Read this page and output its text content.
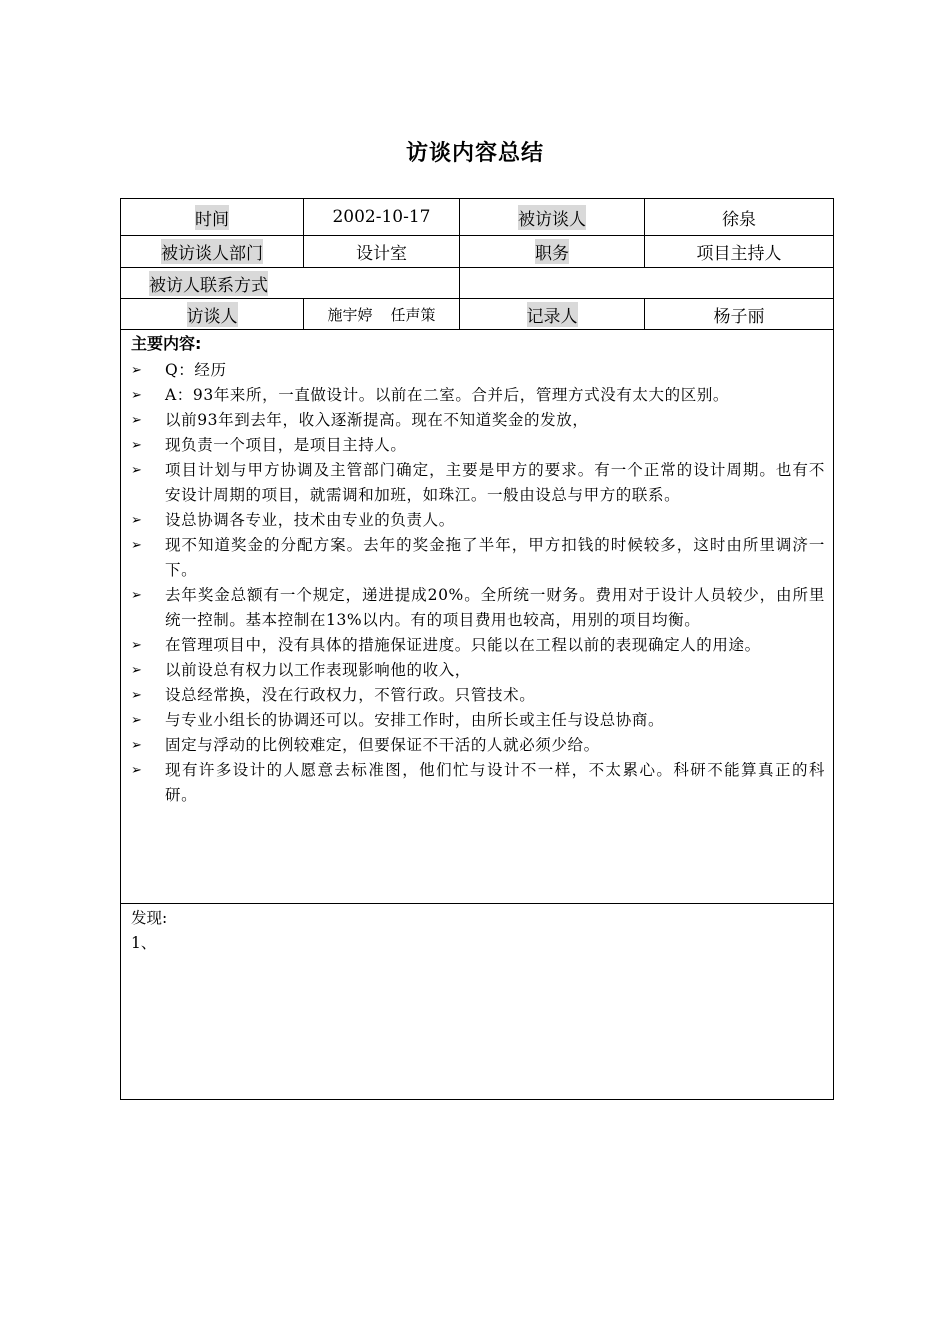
访谈内容总结
时间	2002-10-17	被访谈人	徐泉
被访谈人部门	设计室	职务	项目主持人
被访人联系方式
访谈人	施宇婷 任声策	记录人	杨子丽
主要内容:
➢	Q：经历
➢	A：93年来所，一直做设计。以前在二室。合并后，管理方式没有太大的区别。
➢	以前93年到去年，收入逐渐提高。现在不知道奖金的发放，
➢	现负责一个项目，是项目主持人。
➢	项目计划与甲方协调及主管部门确定，主要是甲方的要求。有一个正常的设计周期。也有不安设计周期的项目，就需调和加班，如珠江。一般由设总与甲方的联系。
➢	设总协调各专业，技术由专业的负责人。
➢	现不知道奖金的分配方案。去年的奖金拖了半年，甲方扣钱的时候较多，这时由所里调济一下。
➢	去年奖金总额有一个规定，递进提成20%。全所统一财务。费用对于设计人员较少，由所里统一控制。基本控制在13%以内。有的项目费用也较高，用别的项目均衡。
➢	在管理项目中，没有具体的措施保证进度。只能以在工程以前的表现确定人的用途。
➢	以前设总有权力以工作表现影响他的收入，
➢	设总经常换，没在行政权力，不管行政。只管技术。
➢	与专业小组长的协调还可以。安排工作时，由所长或主任与设总协商。
➢	固定与浮动的比例较难定，但要保证不干活的人就必须少给。
➢	现有许多设计的人愿意去标准图，他们忙与设计不一样，不太累心。科研不能算真正的科研。
发现:
1、
